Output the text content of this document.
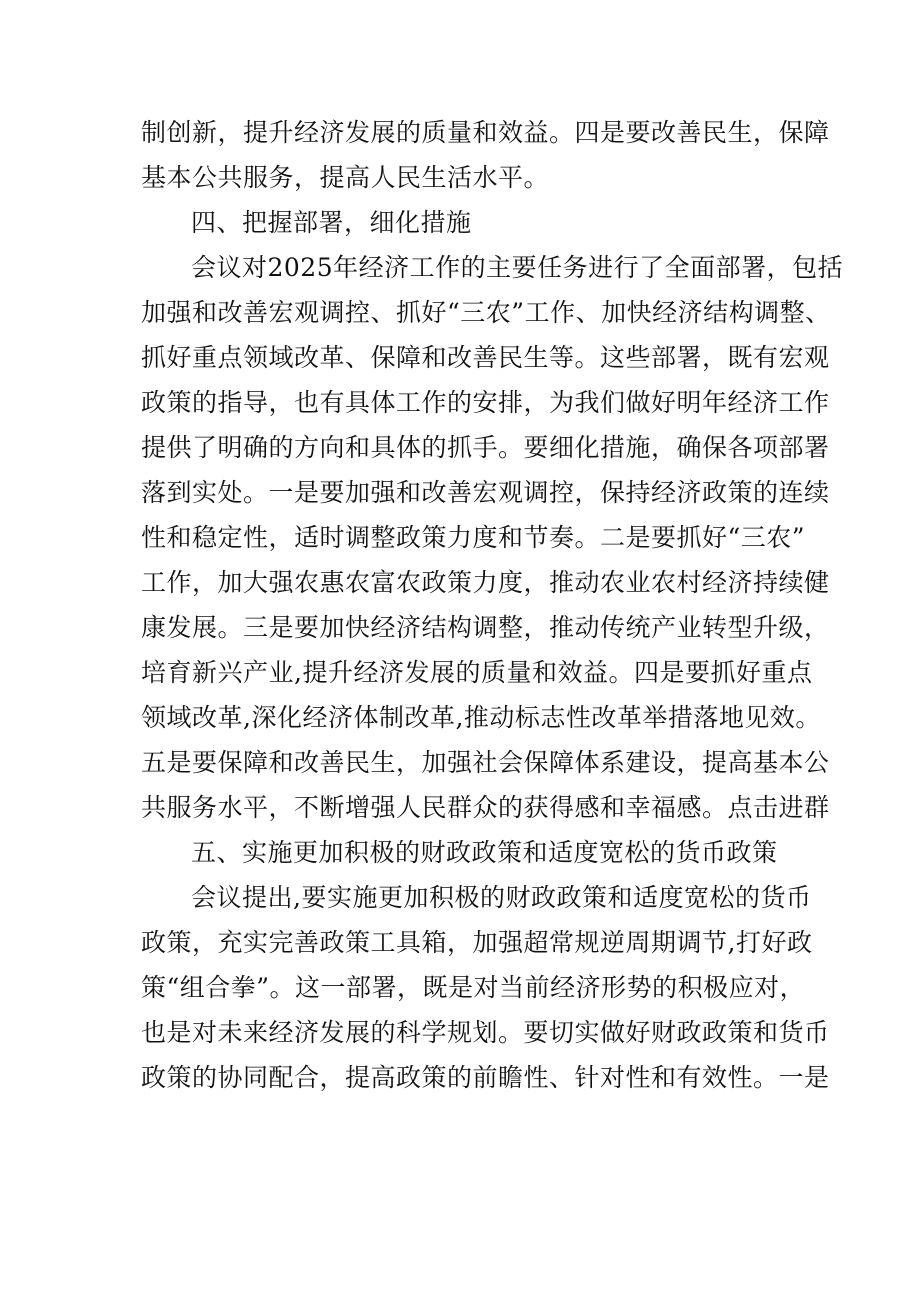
制创新，提升经济发展的质量和效益。四是要改善民生，保障
基本公共服务，提高人民生活水平。
四、把握部署，细化措施
会议对2025年经济工作的主要任务进行了全面部署，包括
加强和改善宏观调控、抓好“三农”工作、加快经济结构调整、
抓好重点领域改革、保障和改善民生等。这些部署，既有宏观
政策的指导，也有具体工作的安排，为我们做好明年经济工作
提供了明确的方向和具体的抓手。要细化措施，确保各项部署
落到实处。一是要加强和改善宏观调控，保持经济政策的连续
性和稳定性，适时调整政策力度和节奏。二是要抓好“三农”
工作，加大强农惠农富农政策力度，推动农业农村经济持续健
康发展。三是要加快经济结构调整，推动传统产业转型升级，
培育新兴产业,提升经济发展的质量和效益。四是要抓好重点
领域改革,深化经济体制改革,推动标志性改革举措落地见效。
五是要保障和改善民生，加强社会保障体系建设，提高基本公
共服务水平，不断增强人民群众的获得感和幸福感。点击进群
五、实施更加积极的财政政策和适度宽松的货币政策
会议提出,要实施更加积极的财政政策和适度宽松的货币
政策，充实完善政策工具箱，加强超常规逆周期调节,打好政
策“组合拳”。这一部署，既是对当前经济形势的积极应对，
也是对未来经济发展的科学规划。要切实做好财政政策和货币
政策的协同配合，提高政策的前瞻性、针对性和有效性。一是
